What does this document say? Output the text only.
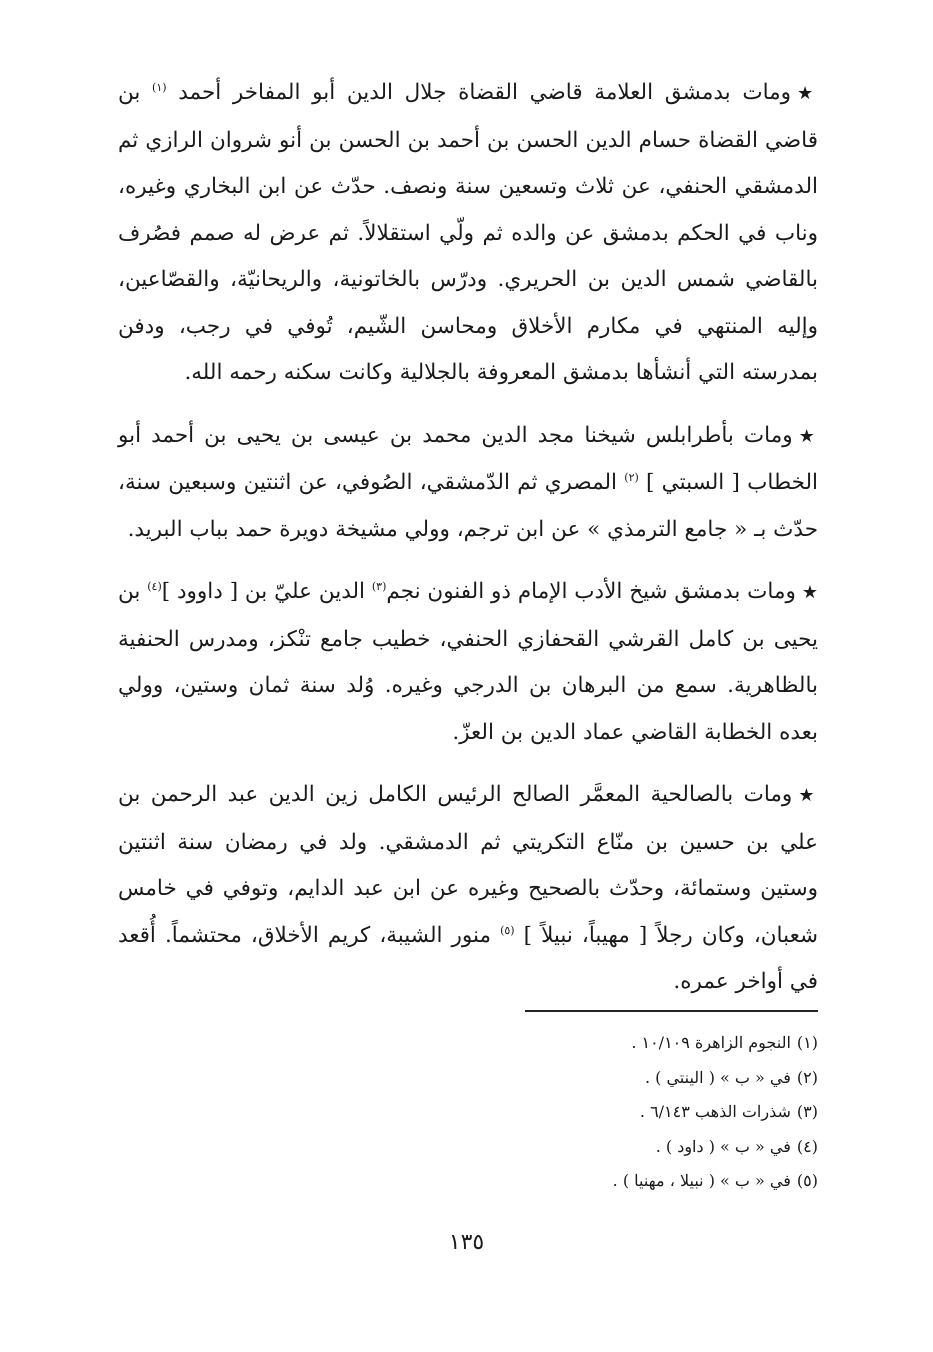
★ومات بدمشق العلامة قاضي القضاة جلال الدين أبو المفاخر أحمد $^{(١)}$ بن قاضي القضاة حسام الدين الحسن بن أحمد بن الحسن بن أنو شروان الرازي ثم الدمشقي الحنفي، عن ثلاث وتسعين سنة ونصف. حدّث عن ابن البخاري وغيره، وناب في الحكم بدمشق عن والده ثم ولّي استقلالاً. ثم عرض له صمم فصُرف بالقاضي شمس الدين بن الحريري. ودرّس بالخاتونية، والريحانيّة، والقصّاعين، وإليه المنتهي في مكارم الأخلاق ومحاسن الشّيم، تُوفي في رجب، ودفن بمدرسته التي أنشأها بدمشق المعروفة بالجلالية وكانت سكنه رحمه الله.

★ومات بأطرابلس شيخنا مجد الدين محمد بن عيسى بن يحيى بن أحمد أبو الخطاب [ السبتي ] $^{(٢)}$ المصري ثم الدّمشقي، الصُوفي، عن اثنتين وسبعين سنة، حدّث بـ « جامع الترمذي » عن ابن ترجم، وولي مشيخة دويرة حمد بباب البريد.

★ومات بدمشق شيخ الأدب الإمام ذو الفنون نجم$^{(٣)}$ الدين عليّ بن [ داوود ]$^{(٤)}$ بن يحيى بن كامل القرشي القحفازي الحنفي، خطيب جامع تنْكز، ومدرس الحنفية بالظاهرية. سمع من البرهان بن الدرجي وغيره. وُلد سنة ثمان وستين، وولي بعده الخطابة القاضي عماد الدين بن العزّ.

★ومات بالصالحية المعمَّر الصالح الرئيس الكامل زين الدين عبد الرحمن بن علي بن حسين بن منّاع التكريتي ثم الدمشقي. ولد في رمضان سنة اثنتين وستين وستمائة، وحدّث بالصحيح وغيره عن ابن عبد الدايم، وتوفي في خامس شعبان، وكان رجلاً [ مهيباً، نبيلاً ] $^{(٥)}$ منور الشيبة، كريم الأخلاق، محتشماً. أُقعد في أواخر عمره.

(١)النجوم الزاهرة ١٠/١٠٩ .
(٢)في « ب » ( الينتي ) .
(٣)شذرات الذهب ٦/١٤٣ .
(٤)في « ب » ( داود ) .
(٥)في « ب » ( نبيلا ، مهنيا ) .
١٣٥
